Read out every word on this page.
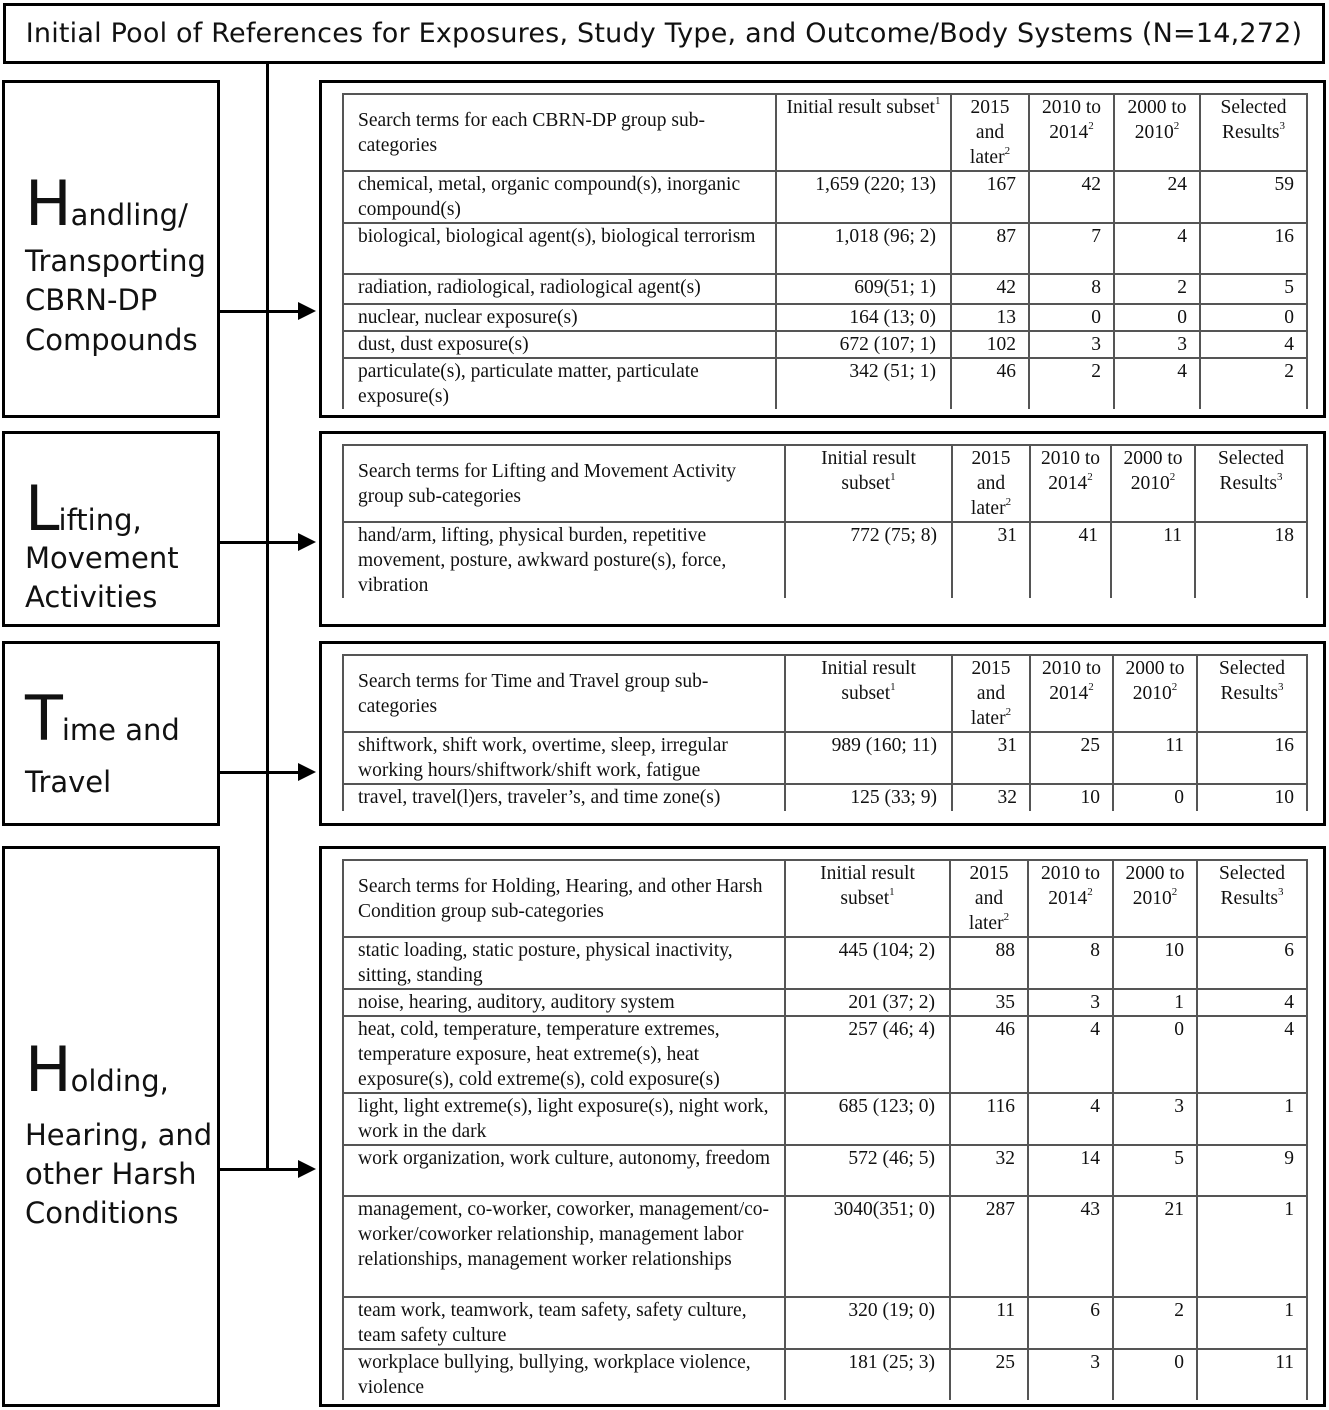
Initial Pool of References for Exposures, Study Type, and Outcome/Body Systems (N=14,272)
Handling/
Transporting
CBRN-DP
Compounds
Lifting,
Movement
Activities
Time and
Travel
Holding,
Hearing, and
other Harsh
Conditions
Search terms for each CBRN-DP group sub-categories	Initial result subset$^1$	2015 and later$^2$	2010 to 2014$^2$	2000 to 2010$^2$	Selected Results$^3$
chemical, metal, organic compound(s), inorganic compound(s)	1,659 (220; 13)	167	42	24	59
biological, biological agent(s), biological terrorism	1,018 (96; 2)	87	7	4	16
radiation, radiological, radiological agent(s)	609(51; 1)	42	8	2	5
nuclear, nuclear exposure(s)	164 (13; 0)	13	0	0	0
dust, dust exposure(s)	672 (107; 1)	102	3	3	4
particulate(s), particulate matter, particulate exposure(s)	342 (51; 1)	46	2	4	2
Search terms for Lifting and Movement Activity group sub-categories	Initial result subset$^1$	2015 and later$^2$	2010 to 2014$^2$	2000 to 2010$^2$	Selected Results$^3$
hand/arm, lifting, physical burden, repetitive movement, posture, awkward posture(s), force, vibration	772 (75; 8)	31	41	11	18
Search terms for Time and Travel group sub-categories	Initial result subset$^1$	2015 and later$^2$	2010 to 2014$^2$	2000 to 2010$^2$	Selected Results$^3$
shiftwork, shift work, overtime, sleep, irregular working hours/shiftwork/shift work, fatigue	989 (160; 11)	31	25	11	16
travel, travel(l)ers, traveler’s, and time zone(s)	125 (33; 9)	32	10	0	10
Search terms for Holding, Hearing, and other Harsh Condition group sub-categories	Initial result subset$^1$	2015 and later$^2$	2010 to 2014$^2$	2000 to 2010$^2$	Selected Results$^3$
static loading, static posture, physical inactivity, sitting, standing	445 (104; 2)	88	8	10	6
noise, hearing, auditory, auditory system	201 (37; 2)	35	3	1	4
heat, cold, temperature, temperature extremes, temperature exposure, heat extreme(s), heat exposure(s), cold extreme(s), cold exposure(s)	257 (46; 4)	46	4	0	4
light, light extreme(s), light exposure(s), night work, work in the dark	685 (123; 0)	116	4	3	1
work organization, work culture, autonomy, freedom	572 (46; 5)	32	14	5	9
management, co-worker, coworker, management/co-worker/coworker relationship, management labor relationships, management worker relationships	3040(351; 0)	287	43	21	1
team work, teamwork, team safety, safety culture, team safety culture	320 (19; 0)	11	6	2	1
workplace bullying, bullying, workplace violence, violence	181 (25; 3)	25	3	0	11
